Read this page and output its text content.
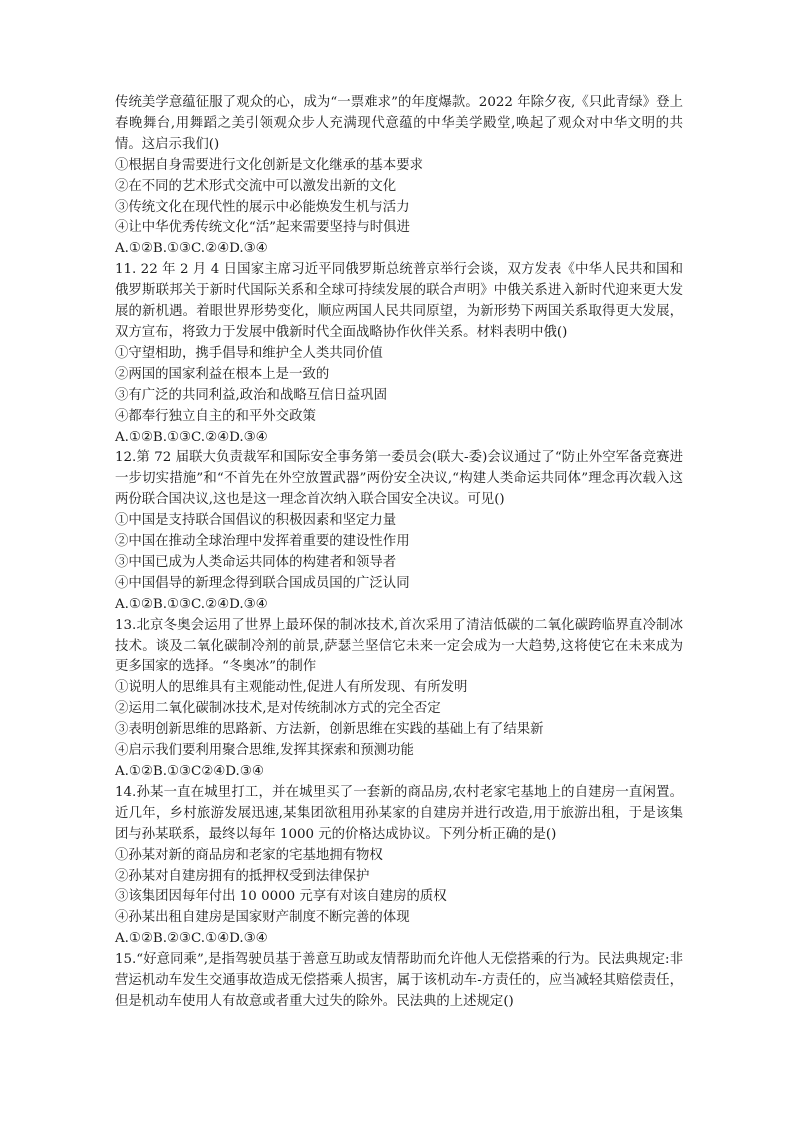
传统美学意蕴征服了观众的心，成为“一票难求”的年度爆款。2022 年除夕夜,《只此青绿》登上春晚舞台,用舞蹈之美引领观众步人充满现代意蕴的中华美学殿堂,唤起了观众对中华文明的共情。这启示我们()

①根据自身需要进行文化创新是文化继承的基本要求

②在不同的艺术形式交流中可以激发出新的文化

③传统文化在现代性的展示中必能焕发生机与活力

④让中华优秀传统文化“活”起来需要坚持与时俱进

A.①②B.①③C.②④D.③④

11. 22 年 2 月 4 日国家主席习近平同俄罗斯总统普京举行会谈，双方发表《中华人民共和国和俄罗斯联邦关于新时代国际关系和全球可持续发展的联合声明》中俄关系进入新时代迎来更大发展的新机遇。着眼世界形势变化，顺应两国人民共同原望，为新形势下两国关系取得更大发展，双方宣布，将致力于发展中俄新时代全面战略协作伙伴关系。材料表明中俄()

①守望相助，携手倡导和维护全人类共同价值

②两国的国家利益在根本上是一致的

③有广泛的共同利益,政治和战略互信日益巩固

④都奉行独立自主的和平外交政策

A.①②B.①③C.②④D.③④

12.第 72 届联大负责裁军和国际安全事务第一委员会(联大-委)会议通过了“防止外空军备竞赛进一步切实措施”和“不首先在外空放置武器”两份安全决议,“构建人类命运共同体”理念再次载入这两份联合国决议,这也是这一理念首次纳入联合国安全决议。可见()

①中国是支持联合国倡议的积极因素和坚定力量

②中国在推动全球治理中发挥着重要的建设性作用

③中国已成为人类命运共同体的构建者和领导者

④中国倡导的新理念得到联合国成员国的广泛认同

A.①②B.①③C.②④D.③④

13.北京冬奥会运用了世界上最环保的制冰技术,首次采用了清洁低碳的二氧化碳跨临界直冷制冰技术。谈及二氧化碳制冷剂的前景,萨瑟兰坚信它未来一定会成为一大趋势,这将使它在未来成为更多国家的选择。“冬奥冰”的制作

①说明人的思维具有主观能动性,促进人有所发现、有所发明

②运用二氧化碳制冰技术,是对传统制冰方式的完全否定

③表明创新思维的思路新、方法新，创新思维在实践的基础上有了结果新

④启示我们要利用聚合思维,发挥其探索和预测功能

A.①②B.①③C②④D.③④

14.孙某一直在城里打工，并在城里买了一套新的商品房,农村老家宅基地上的自建房一直闲置。近几年，乡村旅游发展迅速,某集团欲租用孙某家的自建房并进行改造,用于旅游出租，于是该集团与孙某联系，最终以每年 1000 元的价格达成协议。下列分析正确的是()

①孙某对新的商品房和老家的宅基地拥有物权

②孙某对自建房拥有的抵押权受到法律保护

③该集团因每年付出 10 0000 元享有对该自建房的质权

④孙某出租自建房是国家财产制度不断完善的体现

A.①②B.②③C.①④D.③④

15.“好意同乘”,是指驾驶员基于善意互助或友情帮助而允许他人无偿搭乘的行为。民法典规定:非营运机动车发生交通事故造成无偿搭乘人损害，属于该机动车-方责任的，应当减轻其赔偿责任，但是机动车使用人有故意或者重大过失的除外。民法典的上述规定()
